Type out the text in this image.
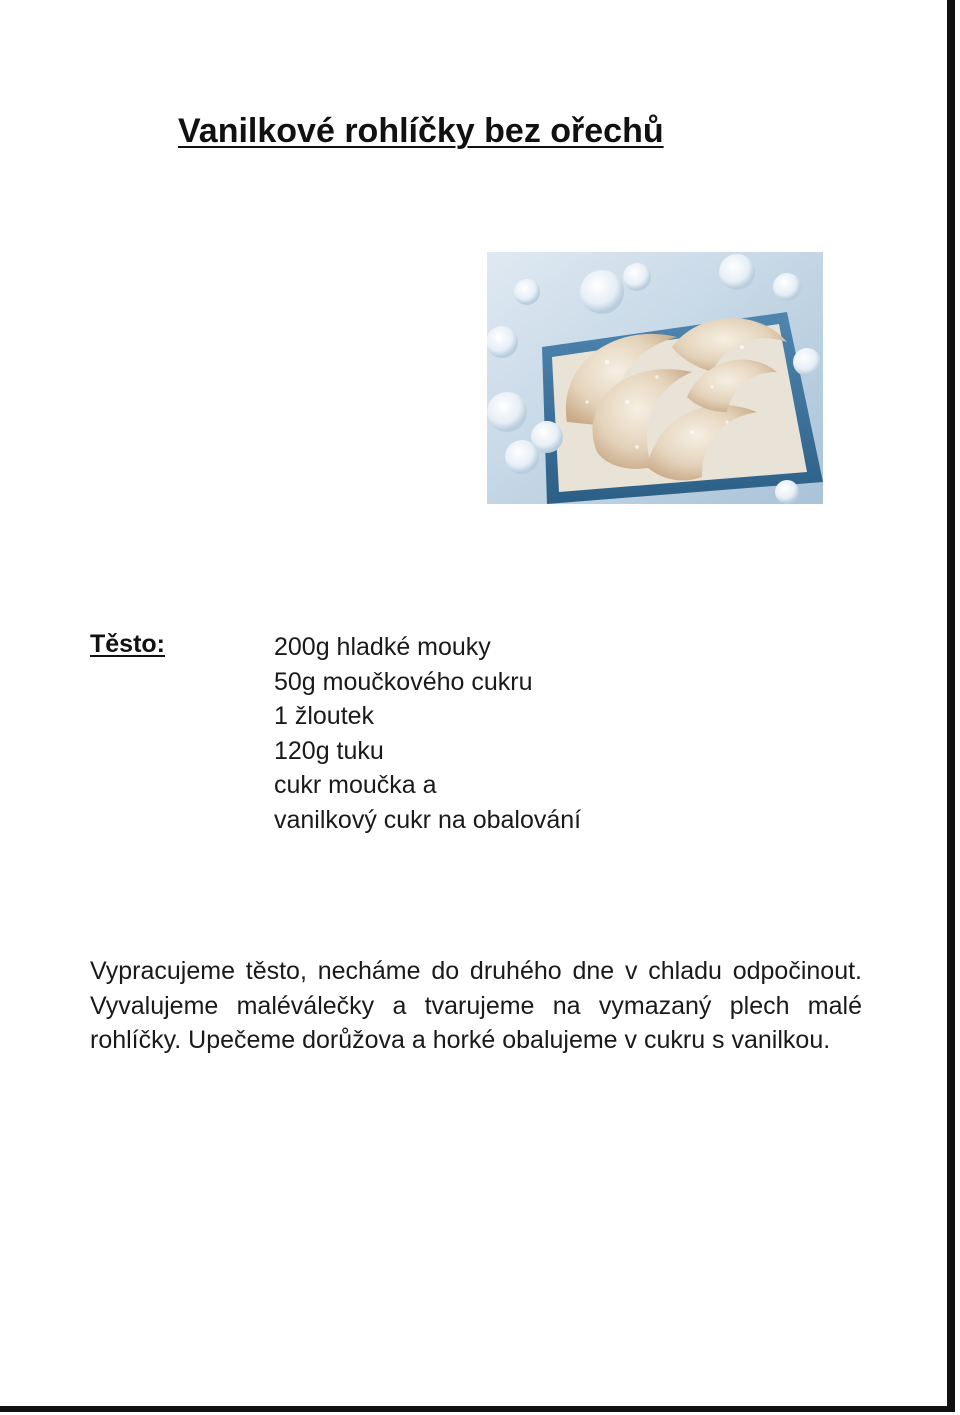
Vanilkové rohlíčky bez ořechů
Těsto:	200g hladké mouky
50g moučkového cukru
1 žloutek
120g tuku
cukr moučka a
vanilkový cukr na obalování

Vypracujeme těsto, necháme do druhého dne v chladu odpočinout. Vyvalujeme maléválečky a tvarujeme na vymazaný plech malé rohlíčky. Upečeme dorůžova a horké obalujeme v cukru s vanilkou.
